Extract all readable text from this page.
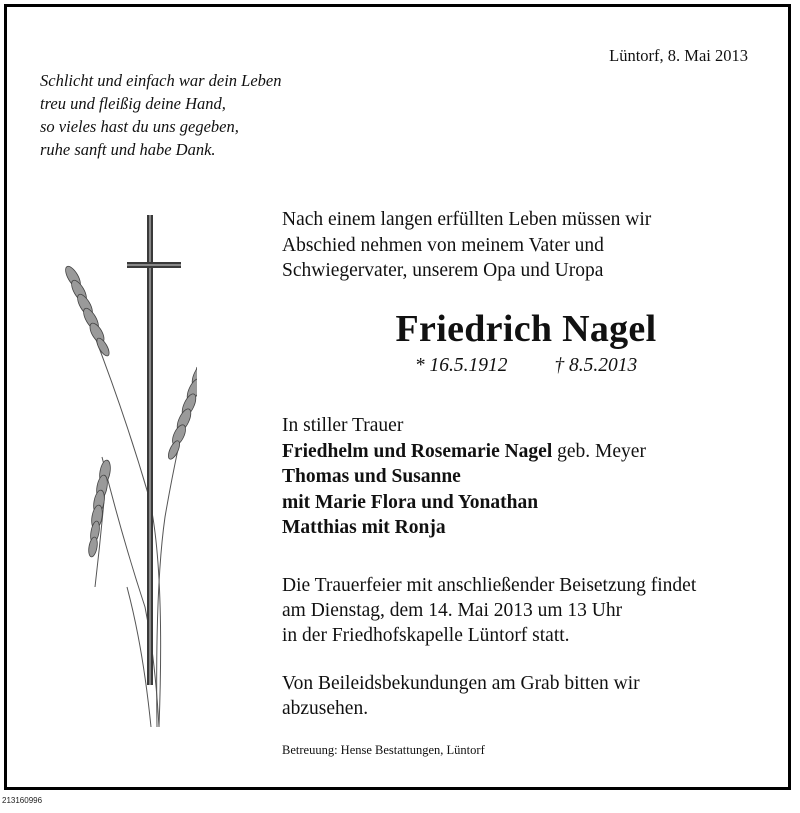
Schlicht und einfach war dein Leben
treu und fleißig deine Hand,
so vieles hast du uns gegeben,
ruhe sanft und habe Dank.
Lüntorf, 8. Mai 2013
Nach einem langen erfüllten Leben müssen wir
Abschied nehmen von meinem Vater und
Schwiegervater, unserem Opa und Uropa
Friedrich Nagel
* 16.5.1912 † 8.5.2013
In stiller Trauer
Friedhelm und Rosemarie Nagel geb. Meyer
Thomas und Susanne
mit Marie Flora und Yonathan
Matthias mit Ronja
Die Trauerfeier mit anschließender Beisetzung findet
am Dienstag, dem 14. Mai 2013 um 13 Uhr
in der Friedhofskapelle Lüntorf statt.
Von Beileidsbekundungen am Grab bitten wir
abzusehen.
Betreuung: Hense Bestattungen, Lüntorf
213160996
